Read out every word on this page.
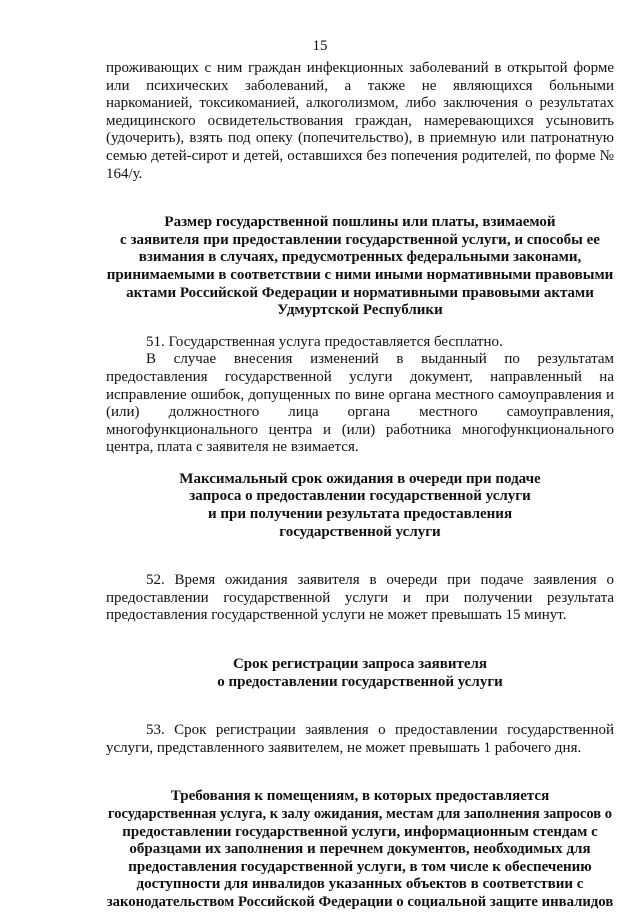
15

проживающих с ним граждан инфекционных заболеваний в открытой форме или психических заболеваний, а также не являющихся больными наркоманией, токсикоманией, алкоголизмом, либо заключения о результатах медицинского освидетельствования граждан, намеревающихся усыновить (удочерить), взять под опеку (попечительство), в приемную или патронатную семью детей-сирот и детей, оставшихся без попечения родителей, по форме № 164/у.

Размер государственной пошлины или платы, взимаемой
с заявителя при предоставлении государственной услуги, и способы ее
взимания в случаях, предусмотренных федеральными законами,
принимаемыми в соответствии с ними иными нормативными правовыми
актами Российской Федерации и нормативными правовыми актами
Удмуртской Республики

51. Государственная услуга предоставляется бесплатно.

В случае внесения изменений в выданный по результатам предоставления государственной услуги документ, направленный на исправление ошибок, допущенных по вине органа местного самоуправления и (или) должностного лица органа местного самоуправления, многофункционального центра и (или) работника многофункционального центра, плата с заявителя не взимается.

Максимальный срок ожидания в очереди при подаче
запроса о предоставлении государственной услуги
и при получении результата предоставления
государственной услуги

52. Время ожидания заявителя в очереди при подаче заявления о предоставлении государственной услуги и при получении результата предоставления государственной услуги не может превышать 15 минут.

Срок регистрации запроса заявителя
о предоставлении государственной услуги

53. Срок регистрации заявления о предоставлении государственной услуги, представленного заявителем, не может превышать 1 рабочего дня.

Требования к помещениям, в которых предоставляется
государственная услуга, к залу ожидания, местам для заполнения запросов о
предоставлении государственной услуги, информационным стендам с
образцами их заполнения и перечнем документов, необходимых для
предоставления государственной услуги, в том числе к обеспечению
доступности для инвалидов указанных объектов в соответствии с
законодательством Российской Федерации о социальной защите инвалидов
